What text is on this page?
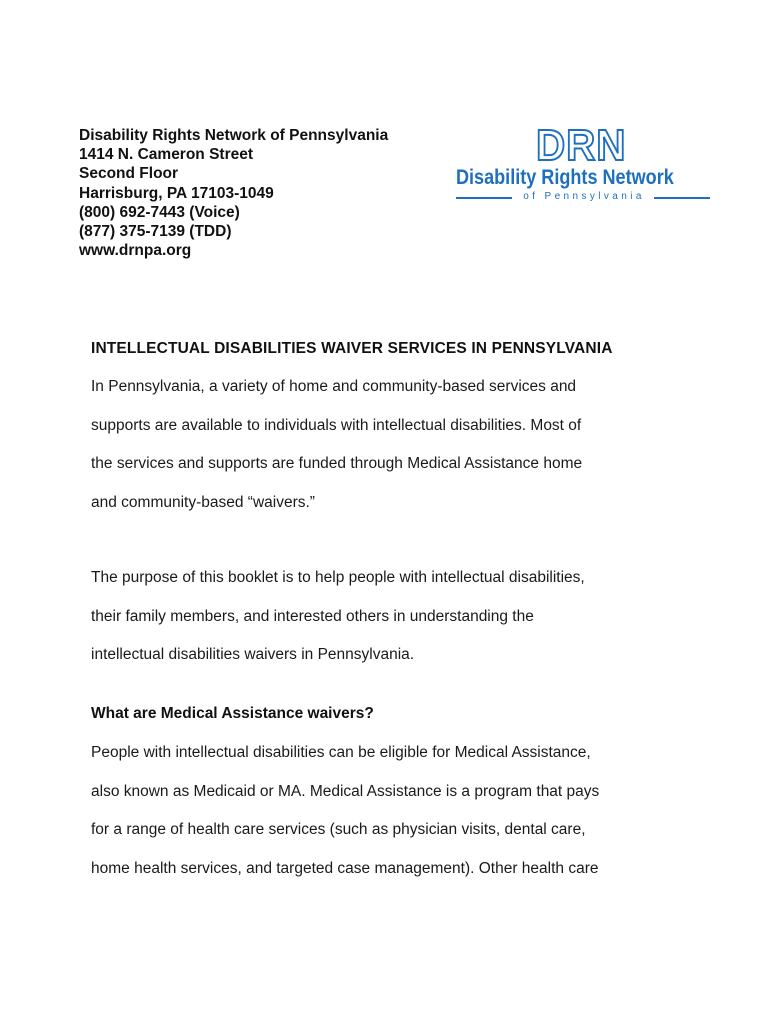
Disability Rights Network of Pennsylvania
1414 N. Cameron Street
Second Floor
Harrisburg, PA 17103-1049
(800) 692-7443 (Voice)
(877) 375-7139 (TDD)
www.drnpa.org
DRN
Disability Rights Network
of Pennsylvania
INTELLECTUAL DISABILITIES WAIVER SERVICES IN PENNSYLVANIA
In Pennsylvania, a variety of home and community-based services and
supports are available to individuals with intellectual disabilities. Most of
the services and supports are funded through Medical Assistance home
and community-based “waivers.”
The purpose of this booklet is to help people with intellectual disabilities,
their family members, and interested others in understanding the
intellectual disabilities waivers in Pennsylvania.
What are Medical Assistance waivers?
People with intellectual disabilities can be eligible for Medical Assistance,
also known as Medicaid or MA. Medical Assistance is a program that pays
for a range of health care services (such as physician visits, dental care,
home health services, and targeted case management). Other health care
